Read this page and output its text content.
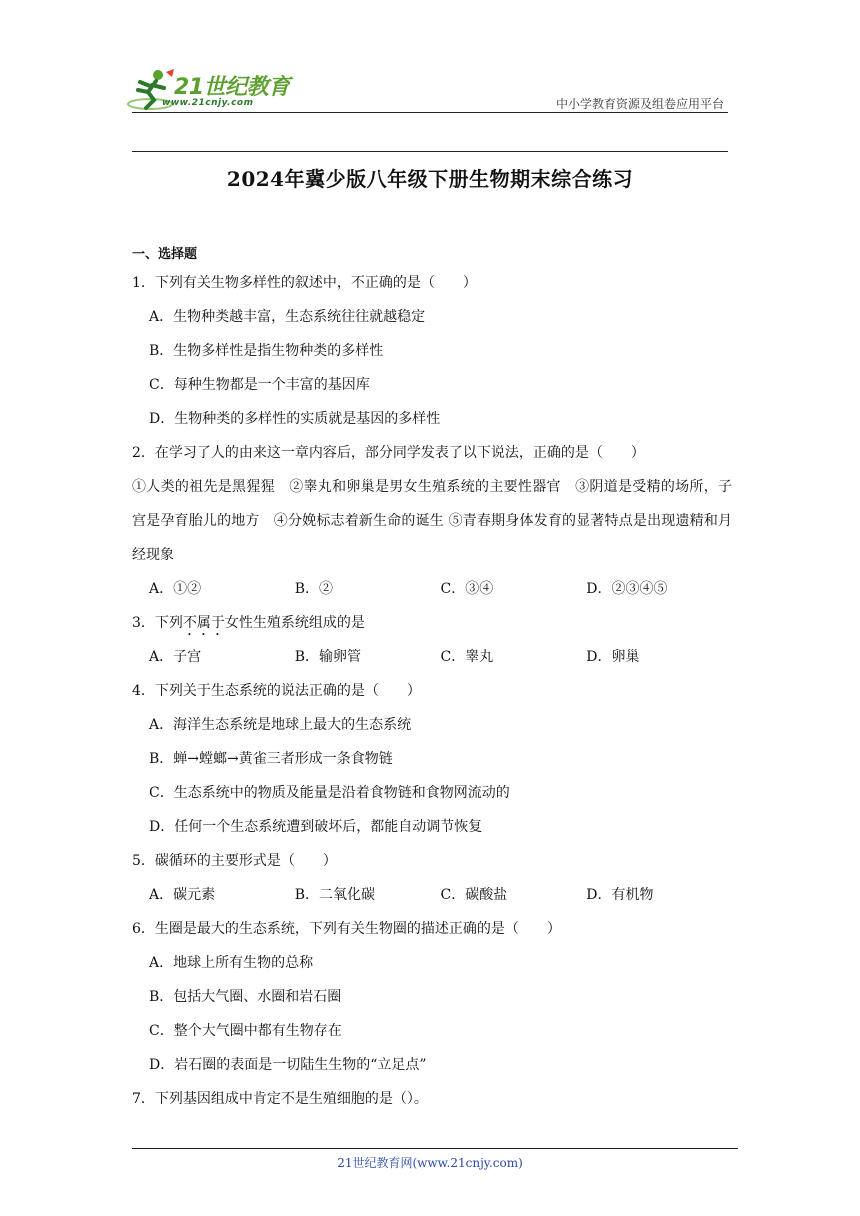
21世纪教育
www.21cnjy.com	中小学教育资源及组卷应用平台
2024年冀少版八年级下册生物期末综合练习
一、选择题
1．下列有关生物多样性的叙述中，不正确的是（　　）
A．生物种类越丰富，生态系统往往就越稳定
B．生物多样性是指生物种类的多样性
C．每种生物都是一个丰富的基因库
D．生物种类的多样性的实质就是基因的多样性
2．在学习了人的由来这一章内容后，部分同学发表了以下说法，正确的是（　　）
①人类的祖先是黑猩猩　②睾丸和卵巢是男女生殖系统的主要性器官　③阴道是受精的场所，子宫是孕育胎儿的地方　④分娩标志着新生命的诞生 ⑤青春期身体发育的显著特点是出现遗精和月经现象
A．①②	B．②	C．③④	D．②③④⑤
3．下列不属于女性生殖系统组成的是
A．子宫	B．输卵管	C．睾丸	D．卵巢
4．下列关于生态系统的说法正确的是（　　）
A．海洋生态系统是地球上最大的生态系统
B．蝉→螳螂→黄雀三者形成一条食物链
C．生态系统中的物质及能量是沿着食物链和食物网流动的
D．任何一个生态系统遭到破坏后，都能自动调节恢复
5．碳循环的主要形式是（　　）
A．碳元素	B．二氧化碳	C．碳酸盐	D．有机物
6．生圈是最大的生态系统，下列有关生物圈的描述正确的是（　　）
A．地球上所有生物的总称
B．包括大气圈、水圈和岩石圈
C．整个大气圈中都有生物存在
D．岩石圈的表面是一切陆生生物的“立足点”
7．下列基因组成中肯定不是生殖细胞的是（）。
21世纪教育网(www.21cnjy.com)
